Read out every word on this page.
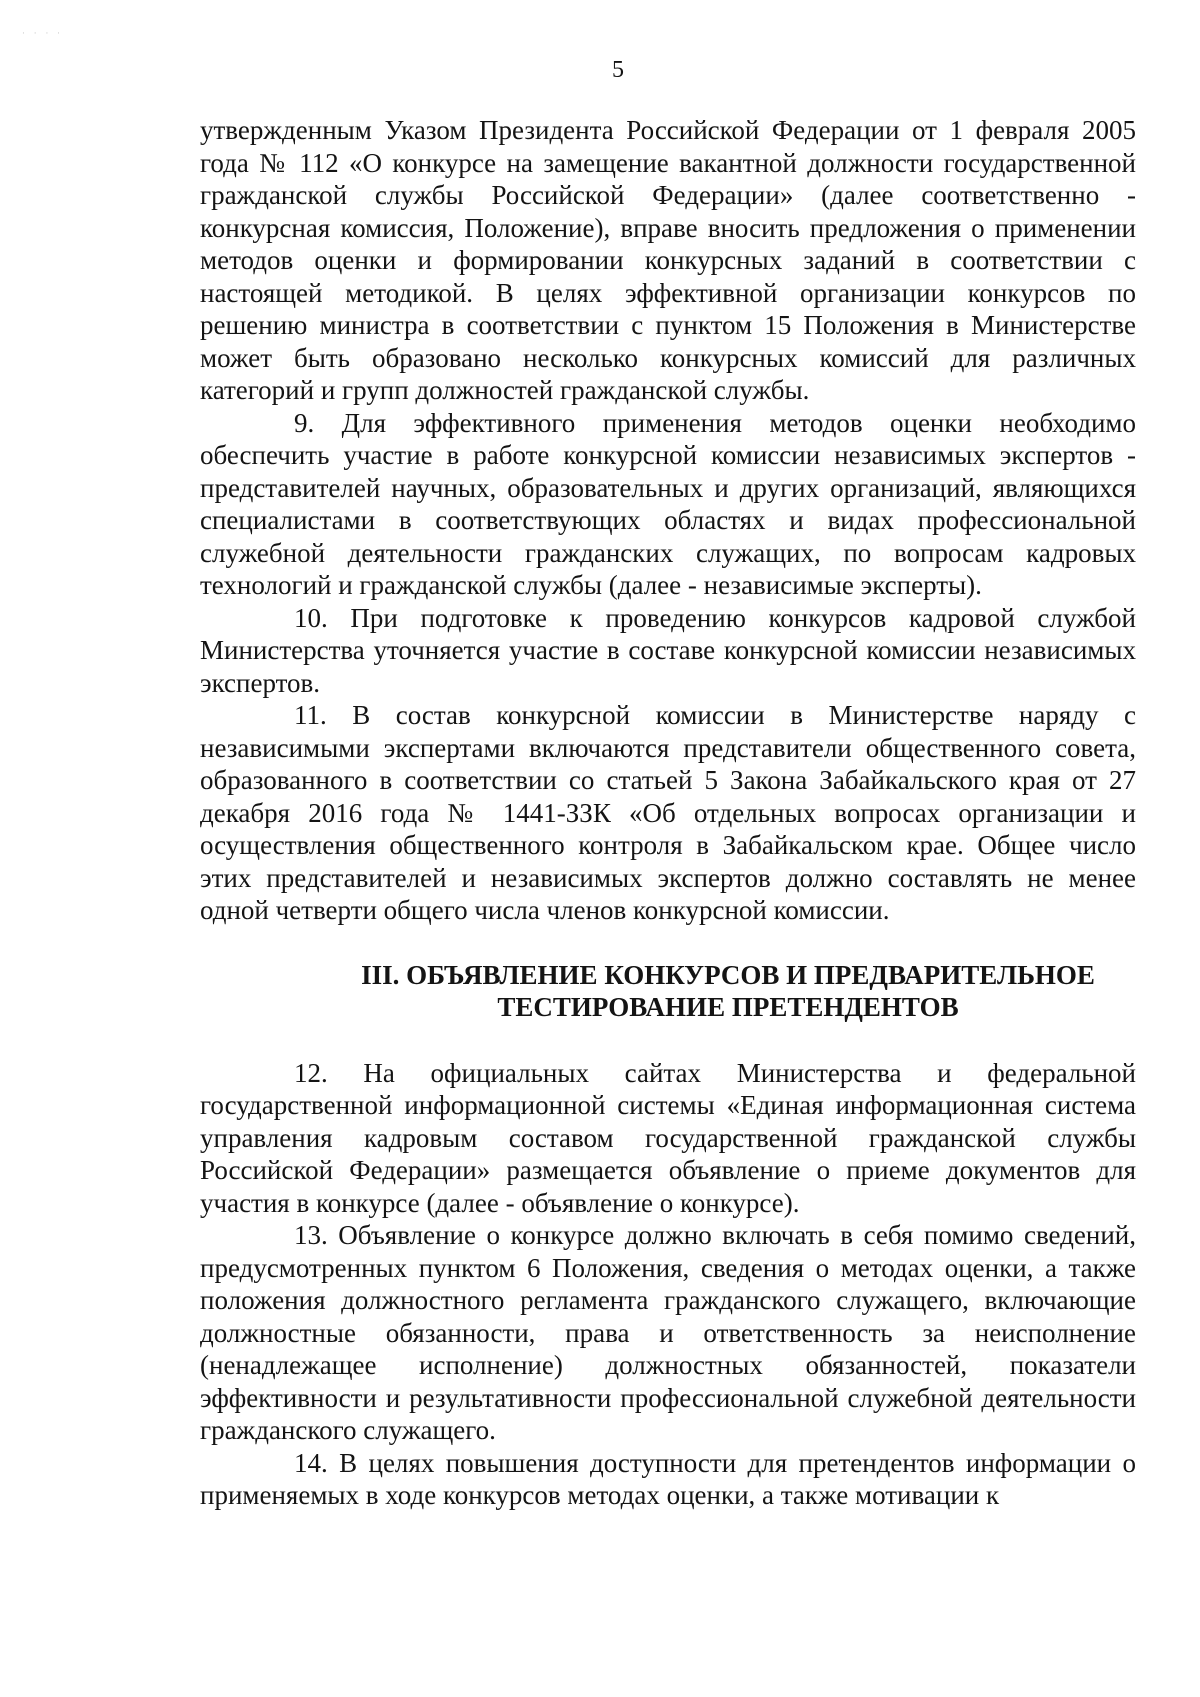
· · · ·
5

утвержденным Указом Президента Российской Федерации от 1 февраля 2005 года № 112 «О конкурсе на замещение вакантной должности государственной гражданской службы Российской Федерации» (далее соответственно - конкурсная комиссия, Положение), вправе вносить предложения о применении методов оценки и формировании конкурсных заданий в соответствии с настоящей методикой. В целях эффективной организации конкурсов по решению министра в соответствии с пунктом 15 Положения в Министерстве может быть образовано несколько конкурсных комиссий для различных категорий и групп должностей гражданской службы.

9. Для эффективного применения методов оценки необходимо обеспечить участие в работе конкурсной комиссии независимых экспертов - представителей научных, образовательных и других организаций, являющихся специалистами в соответствующих областях и видах профессиональной служебной деятельности гражданских служащих, по вопросам кадровых технологий и гражданской службы (далее - независимые эксперты).

10. При подготовке к проведению конкурсов кадровой службой Министерства уточняется участие в составе конкурсной комиссии независимых экспертов.

11. В состав конкурсной комиссии в Министерстве наряду с независимыми экспертами включаются представители общественного совета, образованного в соответствии со статьей 5 Закона Забайкальского края от 27 декабря 2016 года № 1441-ЗЗК «Об отдельных вопросах организации и осуществления общественного контроля в Забайкальском крае. Общее число этих представителей и независимых экспертов должно составлять не менее одной четверти общего числа членов конкурсной комиссии.

III. ОБЪЯВЛЕНИЕ КОНКУРСОВ И ПРЕДВАРИТЕЛЬНОЕ
ТЕСТИРОВАНИЕ ПРЕТЕНДЕНТОВ

12. На официальных сайтах Министерства и федеральной государственной информационной системы «Единая информационная система управления кадровым составом государственной гражданской службы Российской Федерации» размещается объявление о приеме документов для участия в конкурсе (далее - объявление о конкурсе).

13. Объявление о конкурсе должно включать в себя помимо сведений, предусмотренных пунктом 6 Положения, сведения о методах оценки, а также положения должностного регламента гражданского служащего, включающие должностные обязанности, права и ответственность за неисполнение (ненадлежащее исполнение) должностных обязанностей, показатели эффективности и результативности профессиональной служебной деятельности гражданского служащего.

14. В целях повышения доступности для претендентов информации о применяемых в ходе конкурсов методах оценки, а также мотивации к
